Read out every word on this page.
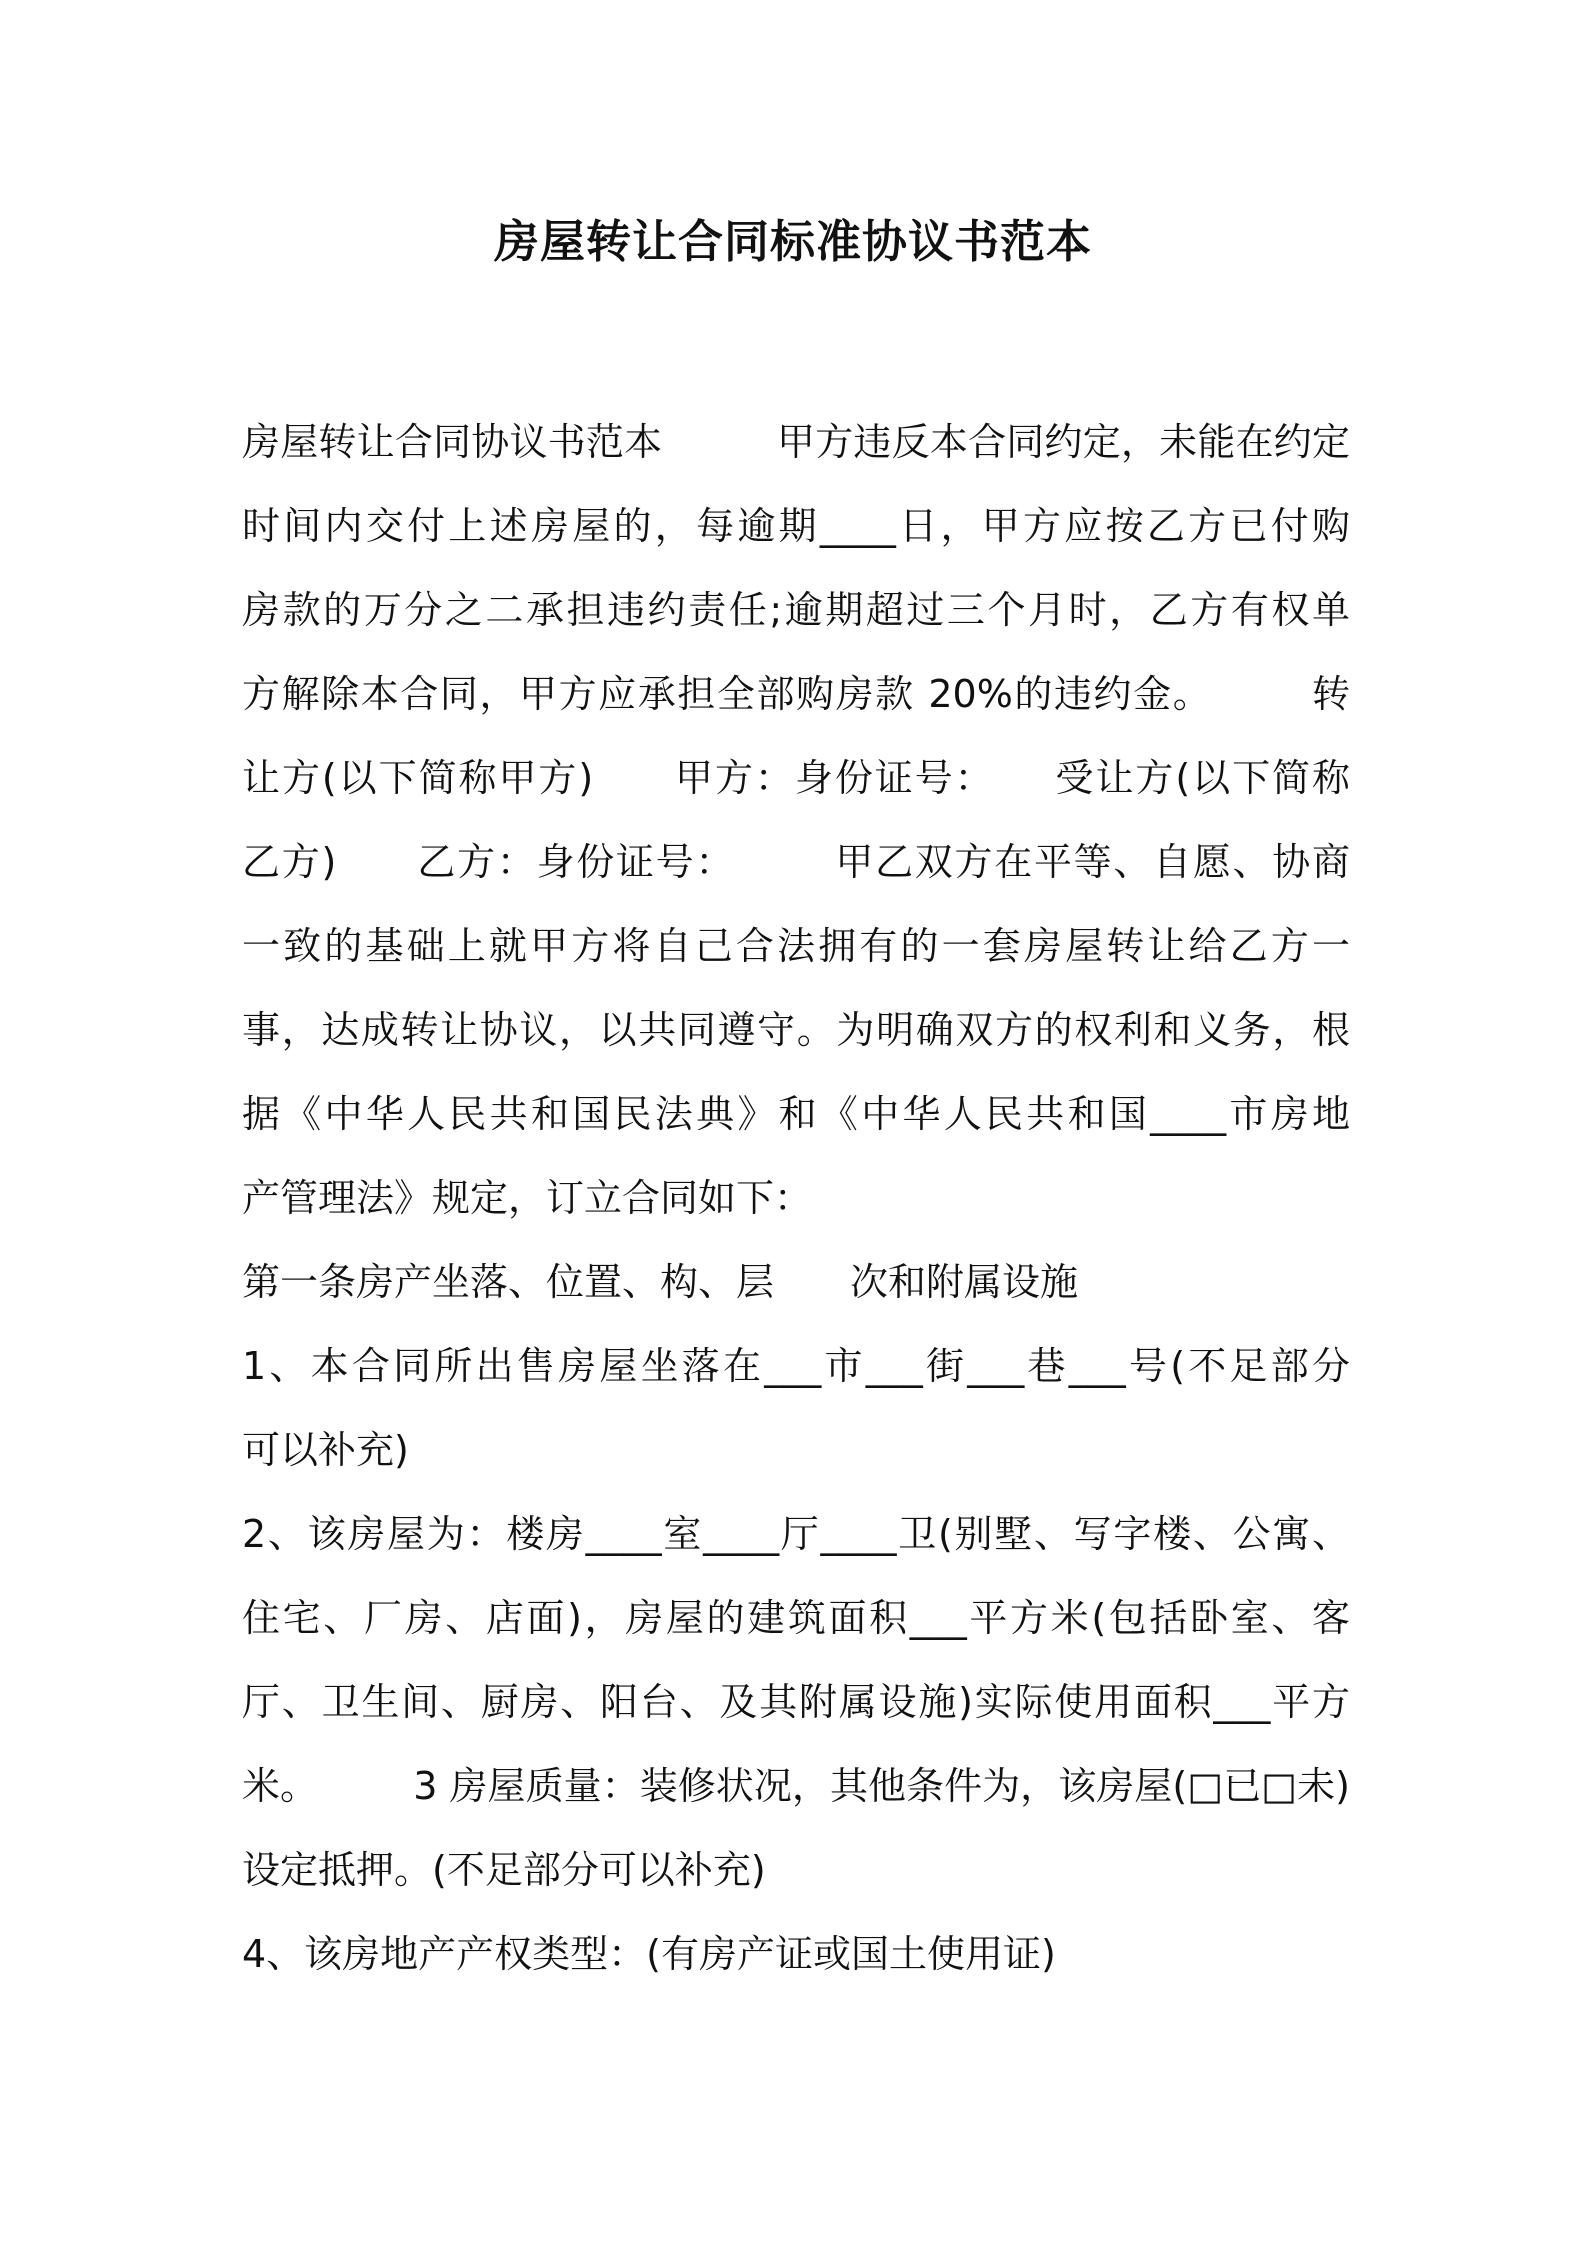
房屋转让合同标准协议书范本
房屋转让合同协议书范本　　　甲方违反本合同约定，未能在约定
时间内交付上述房屋的，每逾期____日，甲方应按乙方已付购
房款的万分之二承担违约责任;逾期超过三个月时，乙方有权单
方解除本合同，甲方应承担全部购房款 20%的违约金。　　　转
让方(以下简称甲方)　　甲方：身份证号：　　受让方(以下简称
乙方)　　乙方：身份证号：　　　甲乙双方在平等、自愿、协商
一致的基础上就甲方将自己合法拥有的一套房屋转让给乙方一
事，达成转让协议，以共同遵守。为明确双方的权利和义务，根
据《中华人民共和国民法典》和《中华人民共和国____市房地
产管理法》规定，订立合同如下：
第一条房产坐落、位置、构、层　　次和附属设施
1、本合同所出售房屋坐落在___市___街___巷___号(不足部分
可以补充)
2、该房屋为：楼房____室____厅____卫(别墅、写字楼、公寓、
住宅、厂房、店面)，房屋的建筑面积___平方米(包括卧室、客
厅、卫生间、厨房、阳台、及其附属设施)实际使用面积___平方
米。　　　3 房屋质量：装修状况，其他条件为，该房屋(□已□未)
设定抵押。(不足部分可以补充)
4、该房地产产权类型：(有房产证或国土使用证)
